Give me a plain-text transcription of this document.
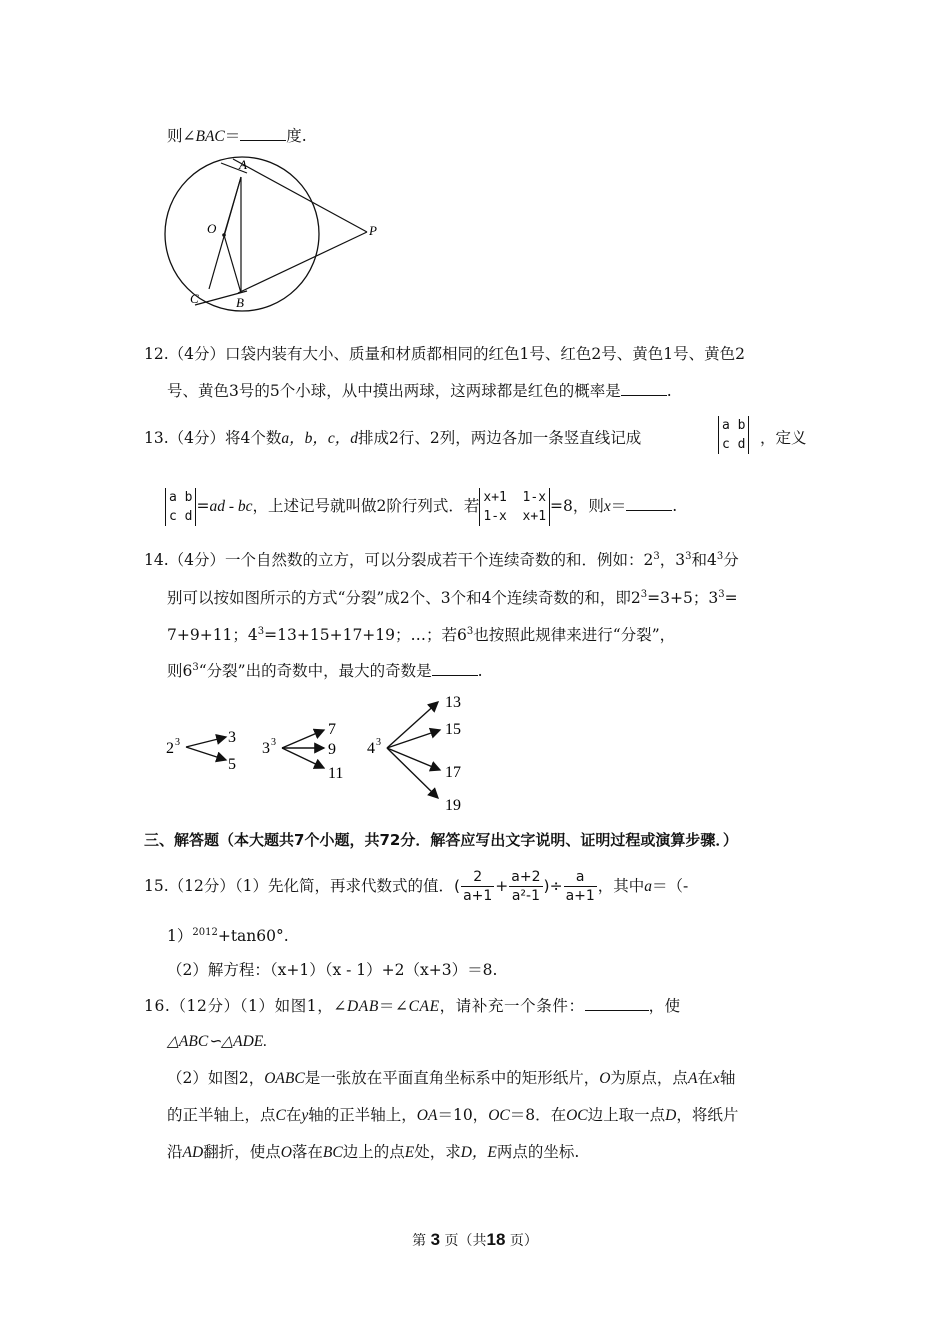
则∠BAC＝	度.
A
O	P
C	B
12.（4分）口袋内装有大小、质量和材质都相同的红色1号、红色2号、黄色1号、黄色2
号、黄色3号的5个小球，从中摸出两球，这两球都是红色的概率是	.
13.（4分）将4个数a，b，c，d排成2行、2列，两边各加一条竖直线记成
a b
c d ，定义
a b
c d
=ad - bc，上述记号就叫做2阶行列式．若 x+1  1-x
1-x  x+1
=8，则x＝	.
14.（4分）一个自然数的立方，可以分裂成若干个连续奇数的和．例如：$2^3$，$3^3$和$4^3$分
别可以按如图所示的方式“分裂”成2个、3个和4个连续奇数的和，即$2^3=3+5$；$3^3=$
7+9+11；$4^3=13+15+17+19$；…；若$6^3$也按照此规律来进行“分裂”，
则$6^3“$分裂”出的奇数中，最大的奇数是	.
2 3	3
5
3 3
7
9
11
4 3
13
15
17
19
三、解答题（本大题共7个小题，共72分．解答应写出文字说明、证明过程或演算步骤．）
15.（12分）（1）先化简，再求代数式的值．( $\frac{2}{a+1} + \frac{a+2}{\text{a²-1}}$ )÷ $\frac{a}{a+1}$ ，其中a＝（-
1）$^{2012}$+tan60°.
（2）解方程：（x+1）（x - 1）+2（x+3）＝8.
16.（12分）（1）如图1，∠DAB＝∠CAE，请补充一个条件：	，使
△ABC∽△ADE.
（2）如图2，OABC是一张放在平面直角坐标系中的矩形纸片，O为原点，点A在x轴
的正半轴上，点C在y轴的正半轴上，OA＝10，OC＝8．在OC边上取一点D，将纸片
沿AD翻折，使点O落在BC边上的点E处，求D，E两点的坐标.
第 3 页（共18 页）
